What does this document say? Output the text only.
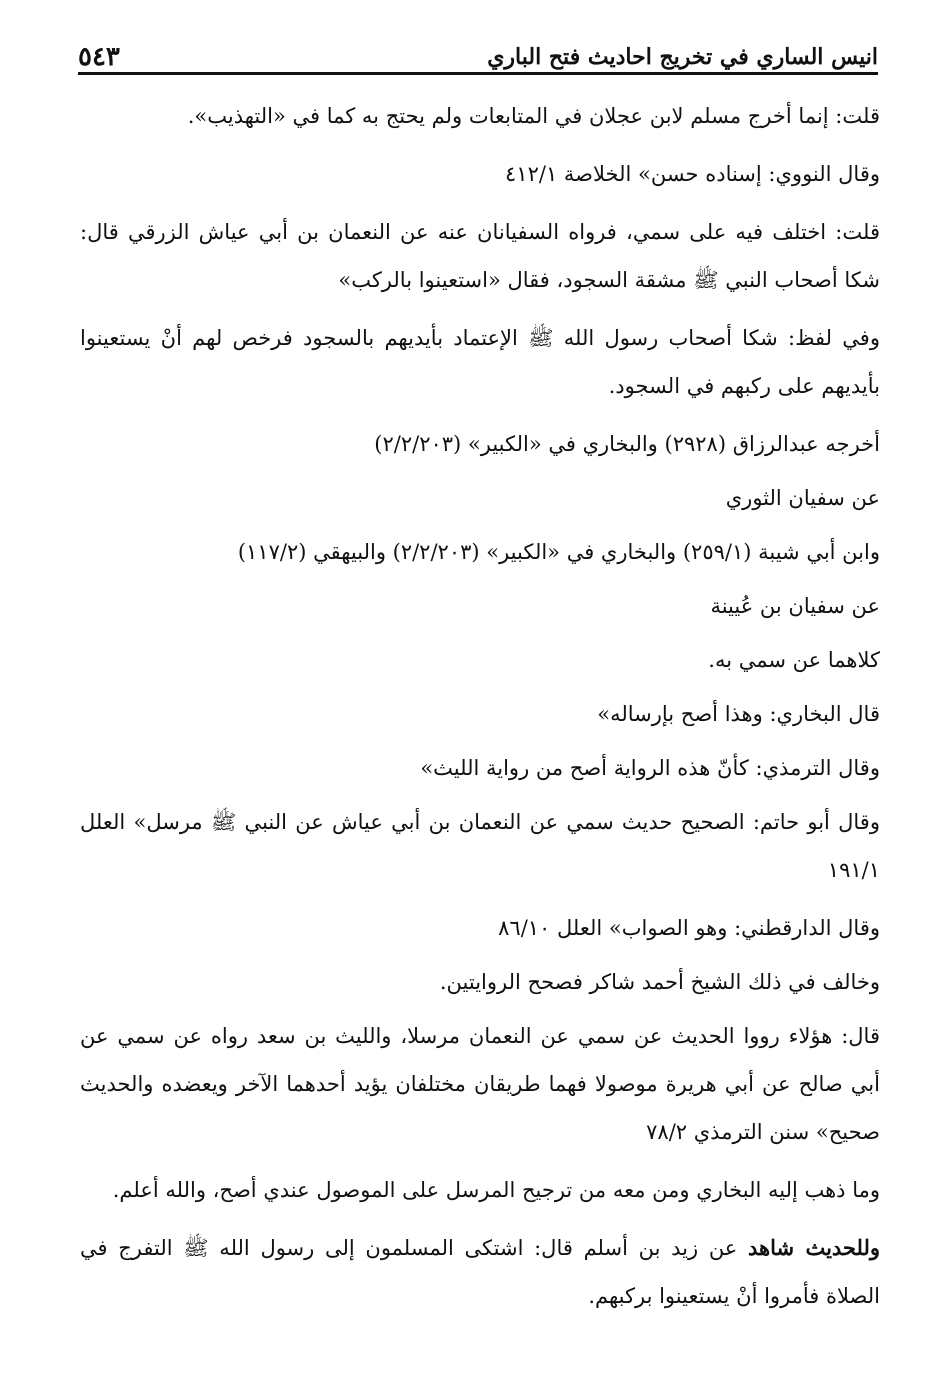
انيس الساري في تخريج احاديث فتح الباري
٥٤٣

قلت: إنما أخرج مسلم لابن عجلان في المتابعات ولم يحتج به كما في «التهذيب».

وقال النووي: إسناده حسن» الخلاصة ٤١٢/١

قلت: اختلف فيه على سمي، فرواه السفيانان عنه عن النعمان بن أبي عياش الزرقي قال: شكا أصحاب النبي ﷺ مشقة السجود، فقال «استعينوا بالركب»

وفي لفظ: شكا أصحاب رسول الله ﷺ الإعتماد بأيديهم بالسجود فرخص لهم أنْ يستعينوا بأيديهم على ركبهم في السجود.

أخرجه عبدالرزاق (٢٩٢٨) والبخاري في «الكبير» (٢/٢/٢٠٣)

عن سفيان الثوري

وابن أبي شيبة (٢٥٩/١) والبخاري في «الكبير» (٢/٢/٢٠٣) والبيهقي (١١٧/٢)

عن سفيان بن عُيينة

كلاهما عن سمي به.

قال البخاري: وهذا أصح بإرساله»

وقال الترمذي: كأنّ هذه الرواية أصح من رواية الليث»

وقال أبو حاتم: الصحيح حديث سمي عن النعمان بن أبي عياش عن النبي ﷺ مرسل» العلل ١٩١/١

وقال الدارقطني: وهو الصواب» العلل ٨٦/١٠

وخالف في ذلك الشيخ أحمد شاكر فصحح الروايتين.

قال: هؤلاء رووا الحديث عن سمي عن النعمان مرسلا، والليث بن سعد رواه عن سمي عن أبي صالح عن أبي هريرة موصولا فهما طريقان مختلفان يؤيد أحدهما الآخر ويعضده والحديث صحيح» سنن الترمذي ٧٨/٢

وما ذهب إليه البخاري ومن معه من ترجيح المرسل على الموصول عندي أصح، والله أعلم.

وللحديث شاهد عن زيد بن أسلم قال: اشتكى المسلمون إلى رسول الله ﷺ التفرج في الصلاة فأمروا أنْ يستعينوا بركبهم.
